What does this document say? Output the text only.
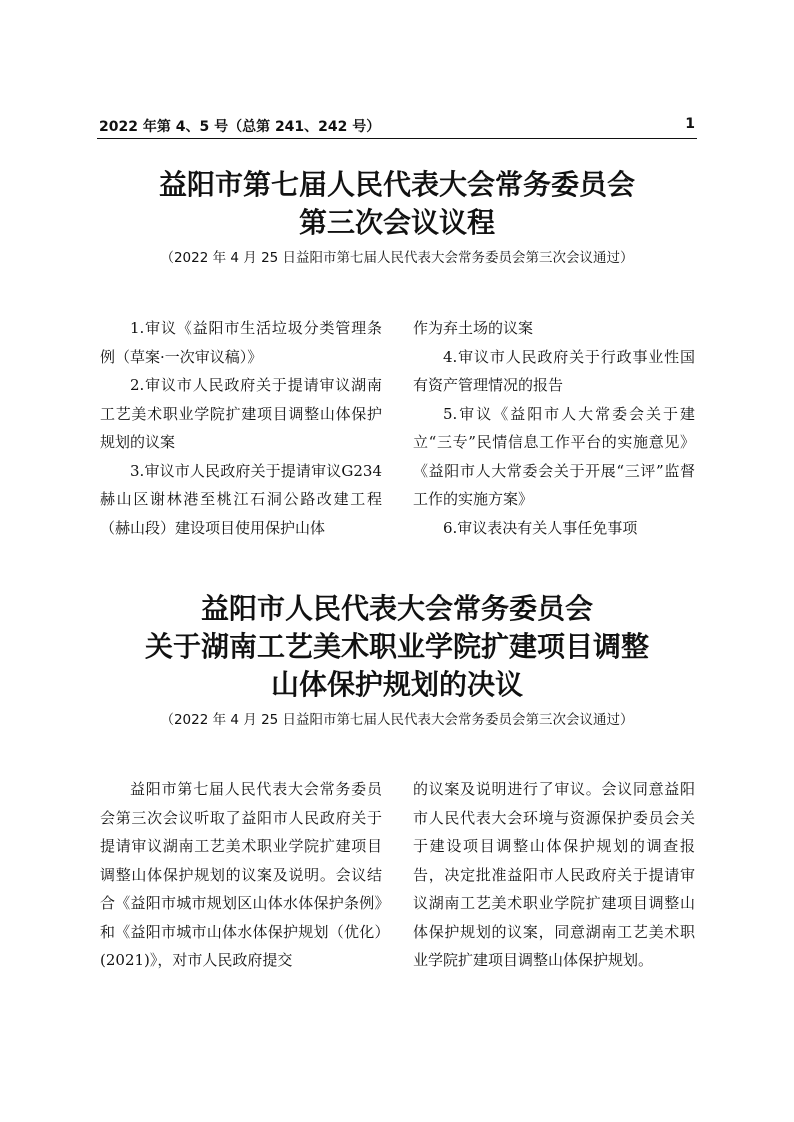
2022 年第 4、5 号（总第 241、242 号）	1
益阳市第七届人民代表大会常务委员会
第三次会议议程
（2022 年 4 月 25 日益阳市第七届人民代表大会常务委员会第三次会议通过）

1.审议《益阳市生活垃圾分类管理条例（草案·一次审议稿）》

2.审议市人民政府关于提请审议湖南工艺美术职业学院扩建项目调整山体保护规划的议案

3.审议市人民政府关于提请审议G234 赫山区谢林港至桃江石洞公路改建工程（赫山段）建设项目使用保护山体

作为弃土场的议案

4.审议市人民政府关于行政事业性国有资产管理情况的报告

5.审议《益阳市人大常委会关于建立“三专”民情信息工作平台的实施意见》《益阳市人大常委会关于开展“三评”监督工作的实施方案》

6.审议表决有关人事任免事项

益阳市人民代表大会常务委员会
关于湖南工艺美术职业学院扩建项目调整
山体保护规划的决议
（2022 年 4 月 25 日益阳市第七届人民代表大会常务委员会第三次会议通过）

益阳市第七届人民代表大会常务委员会第三次会议听取了益阳市人民政府关于提请审议湖南工艺美术职业学院扩建项目调整山体保护规划的议案及说明。会议结合《益阳市城市规划区山体水体保护条例》和《益阳市城市山体水体保护规划（优化）(2021)》，对市人民政府提交

的议案及说明进行了审议。会议同意益阳市人民代表大会环境与资源保护委员会关于建设项目调整山体保护规划的调查报告，决定批准益阳市人民政府关于提请审议湖南工艺美术职业学院扩建项目调整山体保护规划的议案，同意湖南工艺美术职业学院扩建项目调整山体保护规划。
